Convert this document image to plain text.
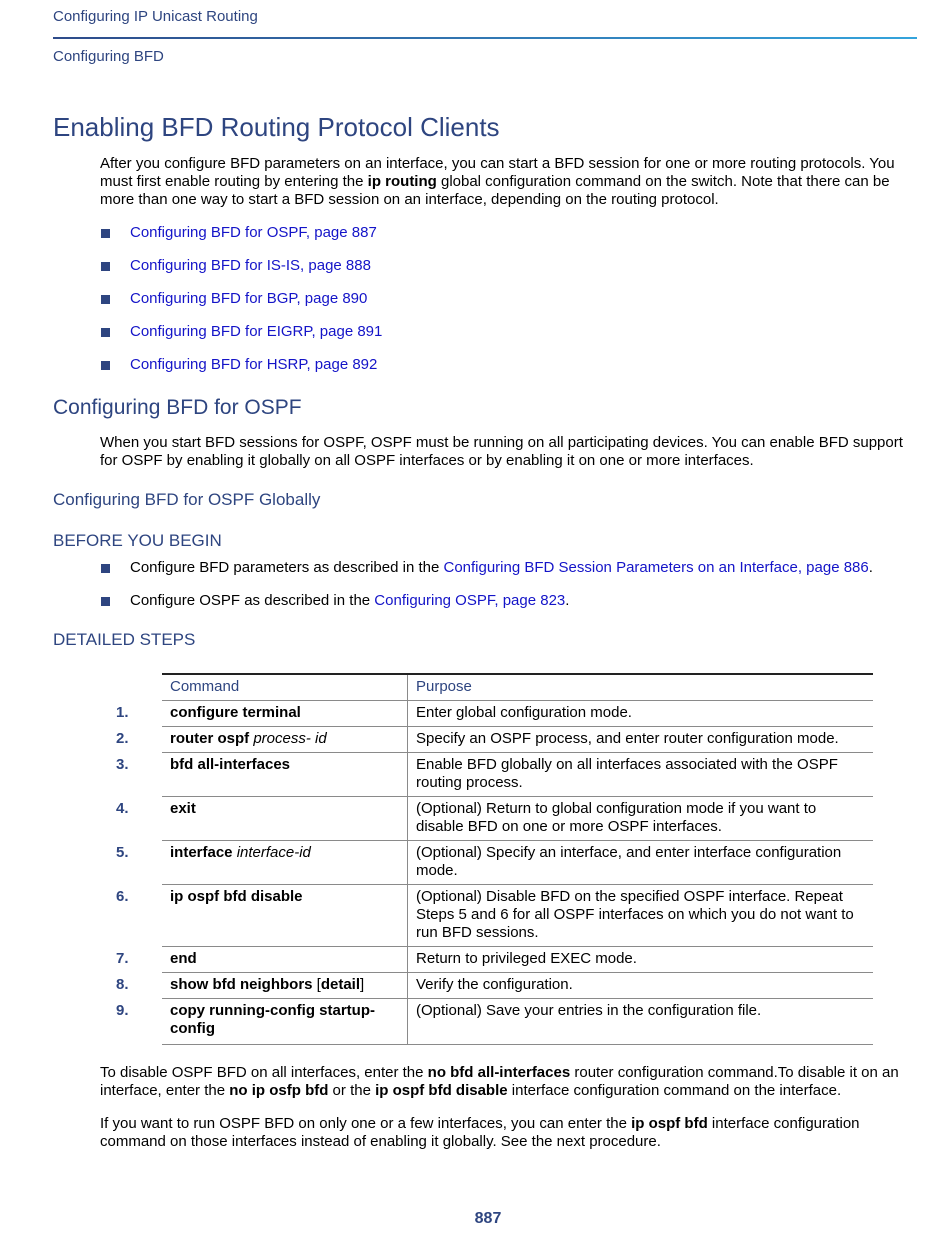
Configuring IP Unicast Routing
Configuring BFD
Enabling BFD Routing Protocol Clients

After you configure BFD parameters on an interface, you can start a BFD session for one or more routing protocols. You must first enable routing by entering the ip routing global configuration command on the switch. Note that there can be more than one way to start a BFD session on an interface, depending on the routing protocol.

Configuring BFD for OSPF, page 887
Configuring BFD for IS-IS, page 888
Configuring BFD for BGP, page 890
Configuring BFD for EIGRP, page 891
Configuring BFD for HSRP, page 892
Configuring BFD for OSPF

When you start BFD sessions for OSPF, OSPF must be running on all participating devices. You can enable BFD support for OSPF by enabling it globally on all OSPF interfaces or by enabling it on one or more interfaces.

Configuring BFD for OSPF Globally
BEFORE YOU BEGIN
Configure BFD parameters as described in the Configuring BFD Session Parameters on an Interface, page 886.
Configure OSPF as described in the Configuring OSPF, page 823.
DETAILED STEPS
Command	Purpose

1. configure terminal	Enter global configuration mode.

2. router ospf process- id	Specify an OSPF process, and enter router configuration mode.

3. bfd all-interfaces	Enable BFD globally on all interfaces associated with the OSPF routing process.

4. exit	(Optional) Return to global configuration mode if you want to disable BFD on one or more OSPF interfaces.

5. interface interface-id	(Optional) Specify an interface, and enter interface configuration mode.

6. ip ospf bfd disable	(Optional) Disable BFD on the specified OSPF interface. Repeat Steps 5 and 6 for all OSPF interfaces on which you do not want to run BFD sessions.

7. end	Return to privileged EXEC mode.

8. show bfd neighbors [detail]	Verify the configuration.

9. copy running-config startup-config	(Optional) Save your entries in the configuration file.

To disable OSPF BFD on all interfaces, enter the no bfd all-interfaces router configuration command.To disable it on an interface, enter the no ip osfp bfd or the ip ospf bfd disable interface configuration command on the interface.

If you want to run OSPF BFD on only one or a few interfaces, you can enter the ip ospf bfd interface configuration command on those interfaces instead of enabling it globally. See the next procedure.

887
